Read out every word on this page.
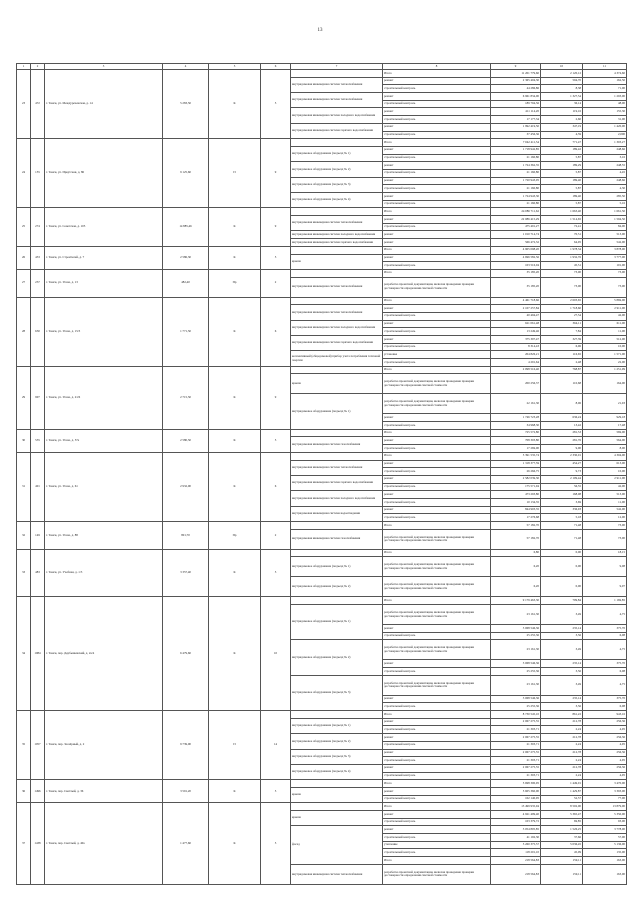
13
1	2	3	4	5	6	7	8	9	10	11
23	472	г. Томск, ул. Междуреченская, д. 14	5 283,50	К	5		Итого	11 201 779,60	2 120,12	4 374,60
						внутридомовая инженерная система теплоснабжения	ремонт	2 365 404,30	594,70	162,50
							строительный контроль	44 286,86	8,38	71,00
						внутридомовая инженерная система теплоснабжения	ремонт	6 961 834,00	1 327,54	1 293,00
							строительный контроль	189 794,56	36,14	48,00
						внутридомовая инженерная система холодного водоснабжения	ремонт	411 114,20	119,16	155,30
							строительный контроль	17 177,34	2,60	31,00
						внутридомовая инженерная система горячего водоснабжения	ремонт	1 992 419,50	347,19	1 420,00
							строительный контроль	37 456,36	4,59	2,000
24	155	г. Томск, ул. Иркутская, д. 86	9 125,60	П	9		Итого	7 042 411,54	771,47	1 303,27
						внутридомовое оборудование (подъезд № 1)	ремонт	1 718 942,85	189,42	248,66
							строительный контроль	21 160,80	5,87	3,16
						внутридомовое оборудование (подъезд № 2)	ремонт	1 724 362,35	189,29	248,55
							строительный контроль	21 160,80	5,87	4,45
						внутридомовое оборудование (подъезд № 3)	ремонт	1 720 943,05	189,40	248,66
							строительный контроль	21 160,80	5,87	4,30
						внутридомовое оборудование (подъезд № 4)	ремонт	1 724 943,30	189,40	285,50
							строительный контроль	21 160,80	5,87	5,16
25	274	г. Томск, ул. Советская, д. 105	14 885,46	К	9		Итого	24 086 711,62	1 663,40	1 661,50
						внутридомовая инженерная система теплоснабжения	ремонт	22 086 415,29	1 514,65	1 594,50
							строительный контроль	475 491,27	72,41	84,00
						внутридомовая инженерная система холодного водоснабжения	ремонт	1 010 714,74	70,51	513,00
						внутридомовая инженерная система горячего водоснабжения	ремонт	566 472,32	64,95	542,00
26	433	г. Томск, ул. Строителей, д. 7	2 586,30	К	5		Итого	4 905 098,20	1 978,34	3 878,00
						крыша	ремонт	4 696 582,56	1 932,76	3 777,00
							строительный контроль	103 516,04	45,51	101,00
27	237	г. Томск, ул. Усова, д. 13	482,40	Пр	2		Итого	35 185,20	73,00	73,00
						внутридомовая инженерная система теплоснабжения	разработка проектной документации, включая проведение проверки достоверности определения сметной стоимости	35 185,20	73,00	73,00
28	630	г. Томск, ул. Усова, д. 15/3	1 771,50	К	6		Итого	4 461 718,66	2 603,65	5 869,00
						внутридомовая инженерная система теплоснабжения	ремонт	2 107 257,84	1 718,60	2 911,00
							строительный контроль	40 494,47	27,54	42,00
						внутридомовая инженерная система холодного водоснабжения	ремонт	621 061,48	364,11	611,00
							строительный контроль	13 249,46	7,84	11,00
						внутридомовая инженерная система горячего водоснабжения	ремонт	375 397,47	327,39	512,00
							строительный контроль	8 314,43	6,96	10,00
						коллективный (общедомовой) прибор учета потребления тепловой энергии	установка	204 826,21	116,65	1 571,00
							строительный контроль	4 291,64	2,48	22,00
29	907	г. Томск, ул. Усова, д. 21/6	2 715,50	К	9		Итого	2 098 516,40	768,87	1 251,99
						крыша	разработка проектной документации, включая проведение проверки достоверности определения сметной стоимости	200 256,37	110,68	164,00
						внутридомовое оборудование (подъезд № 1)	разработка проектной документации, включая проведение проверки достоверности определения сметной стоимости	22 161,30	8,06	21,93
							ремонт	1 746 723,28	636,24	929,18
							строительный контроль	34 968,30	13,42	17,48
30	535	г. Томск, ул. Усова, д. 57а	2 580,50	К	5		Итого	725 572,80	281,53	569,00
						внутридомовая инженерная система газоснабжения	ремонт	708 303,80	281,76	564,00
							строительный контроль	17 269,00	9,00	8,00
31	401	г. Томск, ул. Усова, д. 61	2 932,00	К	6		Итого	5 391 535,74	2 330,01	4 304,00
						внутридомовая инженерная система теплоснабжения	ремонт	1 318 377,59	454,27	613,00
							строительный контроль	26 266,75	9,73	10,00
						внутридомовая инженерная система горячего водоснабжения	ремонт	2 582 039,30	2 109,44	2 911,00
							строительный контроль	175 571,94	56,55	42,00
						внутридомовая инженерная система холодного водоснабжения	ремонт	473 293,80	168,08	513,00
							строительный контроль	10 134,35	3,69	11,00
						внутридомовая инженерная система водоотведения	ремонт	844 903,35	336,93	542,00
							строительный контроль	17 276,68	5,18	12,00
32	149	г. Томск, ул. Усова, д. 88	801,70	Пр	2		Итого	57 182,70	71,48	73,00
						внутридомовая инженерная система газоснабжения	разработка проектной документации, включая проведение проверки достоверности определения сметной стоимости	57 182,70	71,48	73,00
33	483	г. Томск, ул. Учебная, д. 1/3	3 357,40	К	5		Итого	6,80	0,00	18,15
						внутридомовое оборудование (подъезд № 1)	разработка проектной документации, включая проведение проверки достоверности определения сметной стоимости	6,20	0,00	9,08
						внутридомовое оборудование (подъезд № 2)	разработка проектной документации, включая проведение проверки достоверности определения сметной стоимости	6,20	0,00	9,07
34	1084	г. Томск, пер. Дербышевский, д. 2а/4	6 479,60	К	10		Итого	9 179 463,30	709,84	1 169,85
						внутридомовое оборудование (подъезд № 1)	разработка проектной документации, включая проведение проверки достоверности определения сметной стоимости	23 161,30	3,49	4,75
							ремонт	3 068 546,36	235,14	375,70
							строительный контроль	25 255,36	3,56	6,08
						внутридомовое оборудование (подъезд № 2)	разработка проектной документации, включая проведение проверки достоверности определения сметной стоимости	23 161,30	3,49	4,75
							ремонт	3 068 546,36	235,14	375,70
							строительный контроль	25 255,36	3,56	6,08
						внутридомовое оборудование (подъезд № 3)	разработка проектной документации, включая проведение проверки достоверности определения сметной стоимости	23 161,30	3,49	4,75
							ремонт	3 068 546,36	235,14	375,70
							строительный контроль	25 255,36	3,56	6,08
35	1057	г. Томск, пер. Заозёрный, д. 2	9 739,00	П	14		Итого	8 730 545,10	861,22	943,16
						внутридомовое оборудование (подъезд № 1)	ремонт	2 067 275,55	212,78	256,36
							строительный контроль	21 303,71	2,24	4,95
						внутридомовое оборудование (подъезд № 2)	ремонт	2 067 275,55	212,78	256,36
							строительный контроль	21 303,71	2,24	4,95
						внутридомовое оборудование (подъезд № 3)	ремонт	2 067 275,55	212,78	256,36
							строительный контроль	21 303,71	2,24	4,95
						внутридомовое оборудование (подъезд № 4)	ремонт	2 067 275,55	212,78	256,36
							строительный контроль	21 303,71	2,24	4,95
36	1496	г. Томск, пер. Светлый, д. 36	3 591,20	К	5		Итого	5 698 300,95	1 449,01	3 470,00
						крыша	ремонт	5 605 360,00	1 429,87	3 393,00
							строительный контроль	102 140,95	52,57	77,00
37	1438	г. Томск, пер. Светлый, д. 40а	1 477,60	К	5		Итого	13 499 935,94	8 502,00	13 879,00
						крыша	ремонт	4 921 499,40	5 365,47	5 350,00
							строительный контроль	103 379,72	69,85	93,00
						фасад	ремонт	3 054 805,85	1 526,25	3 778,00
							строительный контроль	41 192,30	37,66	57,00
							утепление	5 260 375,57	5 036,45	5 136,00
							строительный контроль	118 201,10	45,09	135,00
							Итого	218 564,83	159,11	163,00
						внутридомовая инженерная система теплоснабжения	разработка проектной документации, включая проведение проверки достоверности определения сметной стоимости	218 564,83	159,11	163,00
